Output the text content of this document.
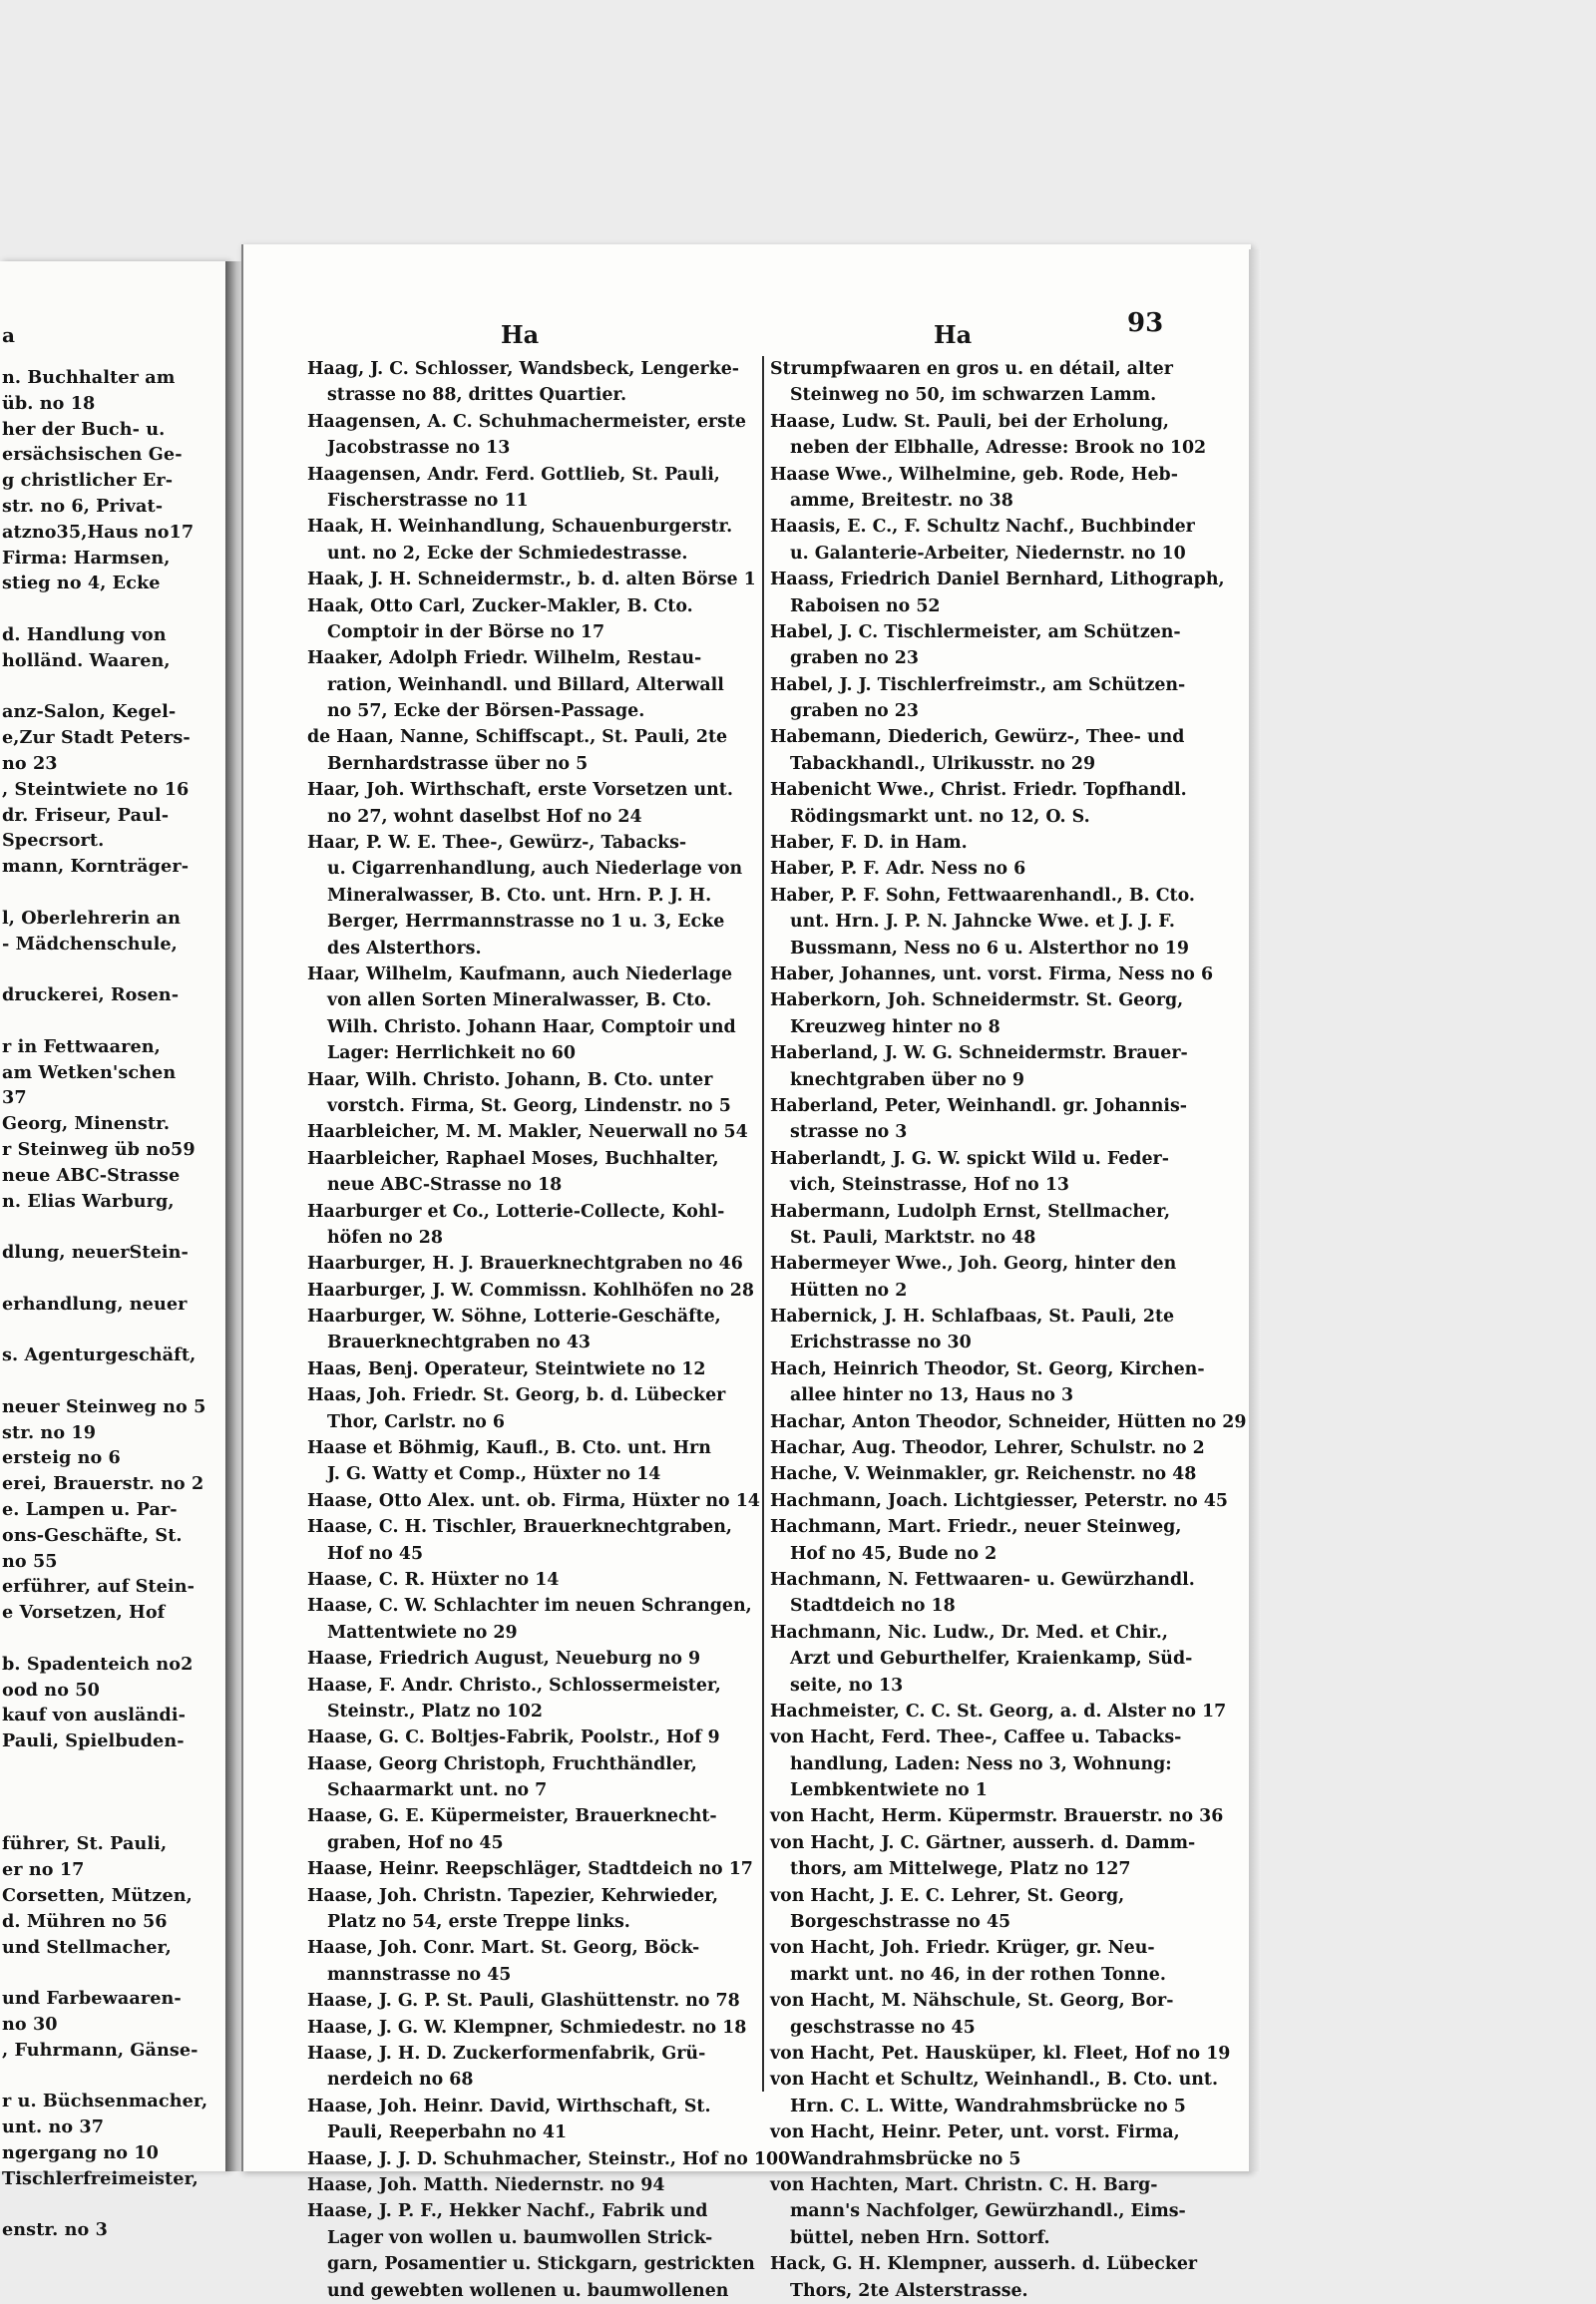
a
n. Buchhalter am
üb. no 18
her der Buch- u.
ersächsischen Ge-
g christlicher Er-
str. no 6, Privat-
atzno35,Haus no17
Firma: Harmsen,
stieg no 4, Ecke
d. Handlung von
holländ. Waaren,
anz-Salon, Kegel-
e,Zur Stadt Peters-
no 23
, Steintwiete no 16
dr. Friseur, Paul-
Specrsort.
mann, Kornträger-
l, Oberlehrerin an
- Mädchenschule,
druckerei, Rosen-
r in Fettwaaren,
am Wetken'schen
37
Georg, Minenstr.
r Steinweg üb no59
neue ABC-Strasse
n. Elias Warburg,
dlung, neuerStein-
erhandlung, neuer
s. Agenturgeschäft,
neuer Steinweg no 5
str. no 19
ersteig no 6
erei, Brauerstr. no 2
e. Lampen u. Par-
ons-Geschäfte, St.
no 55
erführer, auf Stein-
e Vorsetzen, Hof
b. Spadenteich no2
ood no 50
kauf von ausländi-
Pauli, Spielbuden-
führer, St. Pauli,
er no 17
Corsetten, Mützen,
d. Mühren no 56
und Stellmacher,
und Farbewaaren-
no 30
, Fuhrmann, Gänse-
r u. Büchsenmacher,
unt. no 37
ngergang no 10
Tischlerfreimeister,
enstr. no 3
Ha	Ha	93
Haag, J. C. Schlosser, Wandsbeck, Lengerke-
strasse no 88, drittes Quartier.
Haagensen, A. C. Schuhmachermeister, erste
Jacobstrasse no 13
Haagensen, Andr. Ferd. Gottlieb, St. Pauli,
Fischerstrasse no 11
Haak, H. Weinhandlung, Schauenburgerstr.
unt. no 2, Ecke der Schmiedestrasse.
Haak, J. H. Schneidermstr., b. d. alten Börse 1
Haak, Otto Carl, Zucker-Makler, B. Cto.
Comptoir in der Börse no 17
Haaker, Adolph Friedr. Wilhelm, Restau-
ration, Weinhandl. und Billard, Alterwall
no 57, Ecke der Börsen-Passage.
de Haan, Nanne, Schiffscapt., St. Pauli, 2te
Bernhardstrasse über no 5
Haar, Joh. Wirthschaft, erste Vorsetzen unt.
no 27, wohnt daselbst Hof no 24
Haar, P. W. E. Thee-, Gewürz-, Tabacks-
u. Cigarrenhandlung, auch Niederlage von
Mineralwasser, B. Cto. unt. Hrn. P. J. H.
Berger, Herrmannstrasse no 1 u. 3, Ecke
des Alsterthors.
Haar, Wilhelm, Kaufmann, auch Niederlage
von allen Sorten Mineralwasser, B. Cto.
Wilh. Christo. Johann Haar, Comptoir und
Lager: Herrlichkeit no 60
Haar, Wilh. Christo. Johann, B. Cto. unter
vorstch. Firma, St. Georg, Lindenstr. no 5
Haarbleicher, M. M. Makler, Neuerwall no 54
Haarbleicher, Raphael Moses, Buchhalter,
neue ABC-Strasse no 18
Haarburger et Co., Lotterie-Collecte, Kohl-
höfen no 28
Haarburger, H. J. Brauerknechtgraben no 46
Haarburger, J. W. Commissn. Kohlhöfen no 28
Haarburger, W. Söhne, Lotterie-Geschäfte,
Brauerknechtgraben no 43
Haas, Benj. Operateur, Steintwiete no 12
Haas, Joh. Friedr. St. Georg, b. d. Lübecker
Thor, Carlstr. no 6
Haase et Böhmig, Kaufl., B. Cto. unt. Hrn
J. G. Watty et Comp., Hüxter no 14
Haase, Otto Alex. unt. ob. Firma, Hüxter no 14
Haase, C. H. Tischler, Brauerknechtgraben,
Hof no 45
Haase, C. R. Hüxter no 14
Haase, C. W. Schlachter im neuen Schrangen,
Mattentwiete no 29
Haase, Friedrich August, Neueburg no 9
Haase, F. Andr. Christo., Schlossermeister,
Steinstr., Platz no 102
Haase, G. C. Boltjes-Fabrik, Poolstr., Hof 9
Haase, Georg Christoph, Fruchthändler,
Schaarmarkt unt. no 7
Haase, G. E. Küpermeister, Brauerknecht-
graben, Hof no 45
Haase, Heinr. Reepschläger, Stadtdeich no 17
Haase, Joh. Christn. Tapezier, Kehrwieder,
Platz no 54, erste Treppe links.
Haase, Joh. Conr. Mart. St. Georg, Böck-
mannstrasse no 45
Haase, J. G. P. St. Pauli, Glashüttenstr. no 78
Haase, J. G. W. Klempner, Schmiedestr. no 18
Haase, J. H. D. Zuckerformenfabrik, Grü-
nerdeich no 68
Haase, Joh. Heinr. David, Wirthschaft, St.
Pauli, Reeperbahn no 41
Haase, J. J. D. Schuhmacher, Steinstr., Hof no 100
Haase, Joh. Matth. Niedernstr. no 94
Haase, J. P. F., Hekker Nachf., Fabrik und
Lager von wollen u. baumwollen Strick-
garn, Posamentier u. Stickgarn, gestrickten
und gewebten wollenen u. baumwollenen
Strumpfwaaren en gros u. en détail, alter
Steinweg no 50, im schwarzen Lamm.
Haase, Ludw. St. Pauli, bei der Erholung,
neben der Elbhalle, Adresse: Brook no 102
Haase Wwe., Wilhelmine, geb. Rode, Heb-
amme, Breitestr. no 38
Haasis, E. C., F. Schultz Nachf., Buchbinder
u. Galanterie-Arbeiter, Niedernstr. no 10
Haass, Friedrich Daniel Bernhard, Lithograph,
Raboisen no 52
Habel, J. C. Tischlermeister, am Schützen-
graben no 23
Habel, J. J. Tischlerfreimstr., am Schützen-
graben no 23
Habemann, Diederich, Gewürz-, Thee- und
Tabackhandl., Ulrikusstr. no 29
Habenicht Wwe., Christ. Friedr. Topfhandl.
Rödingsmarkt unt. no 12, O. S.
Haber, F. D. in Ham.
Haber, P. F. Adr. Ness no 6
Haber, P. F. Sohn, Fettwaarenhandl., B. Cto.
unt. Hrn. J. P. N. Jahncke Wwe. et J. J. F.
Bussmann, Ness no 6 u. Alsterthor no 19
Haber, Johannes, unt. vorst. Firma, Ness no 6
Haberkorn, Joh. Schneidermstr. St. Georg,
Kreuzweg hinter no 8
Haberland, J. W. G. Schneidermstr. Brauer-
knechtgraben über no 9
Haberland, Peter, Weinhandl. gr. Johannis-
strasse no 3
Haberlandt, J. G. W. spickt Wild u. Feder-
vich, Steinstrasse, Hof no 13
Habermann, Ludolph Ernst, Stellmacher,
St. Pauli, Marktstr. no 48
Habermeyer Wwe., Joh. Georg, hinter den
Hütten no 2
Habernick, J. H. Schlafbaas, St. Pauli, 2te
Erichstrasse no 30
Hach, Heinrich Theodor, St. Georg, Kirchen-
allee hinter no 13, Haus no 3
Hachar, Anton Theodor, Schneider, Hütten no 29
Hachar, Aug. Theodor, Lehrer, Schulstr. no 2
Hache, V. Weinmakler, gr. Reichenstr. no 48
Hachmann, Joach. Lichtgiesser, Peterstr. no 45
Hachmann, Mart. Friedr., neuer Steinweg,
Hof no 45, Bude no 2
Hachmann, N. Fettwaaren- u. Gewürzhandl.
Stadtdeich no 18
Hachmann, Nic. Ludw., Dr. Med. et Chir.,
Arzt und Geburthelfer, Kraienkamp, Süd-
seite, no 13
Hachmeister, C. C. St. Georg, a. d. Alster no 17
von Hacht, Ferd. Thee-, Caffee u. Tabacks-
handlung, Laden: Ness no 3, Wohnung:
Lembkentwiete no 1
von Hacht, Herm. Küpermstr. Brauerstr. no 36
von Hacht, J. C. Gärtner, ausserh. d. Damm-
thors, am Mittelwege, Platz no 127
von Hacht, J. E. C. Lehrer, St. Georg,
Borgeschstrasse no 45
von Hacht, Joh. Friedr. Krüger, gr. Neu-
markt unt. no 46, in der rothen Tonne.
von Hacht, M. Nähschule, St. Georg, Bor-
geschstrasse no 45
von Hacht, Pet. Hausküper, kl. Fleet, Hof no 19
von Hacht et Schultz, Weinhandl., B. Cto. unt.
Hrn. C. L. Witte, Wandrahmsbrücke no 5
von Hacht, Heinr. Peter, unt. vorst. Firma,
Wandrahmsbrücke no 5
von Hachten, Mart. Christn. C. H. Barg-
mann's Nachfolger, Gewürzhandl., Eims-
büttel, neben Hrn. Sottorf.
Hack, G. H. Klempner, ausserh. d. Lübecker
Thors, 2te Alsterstrasse.
